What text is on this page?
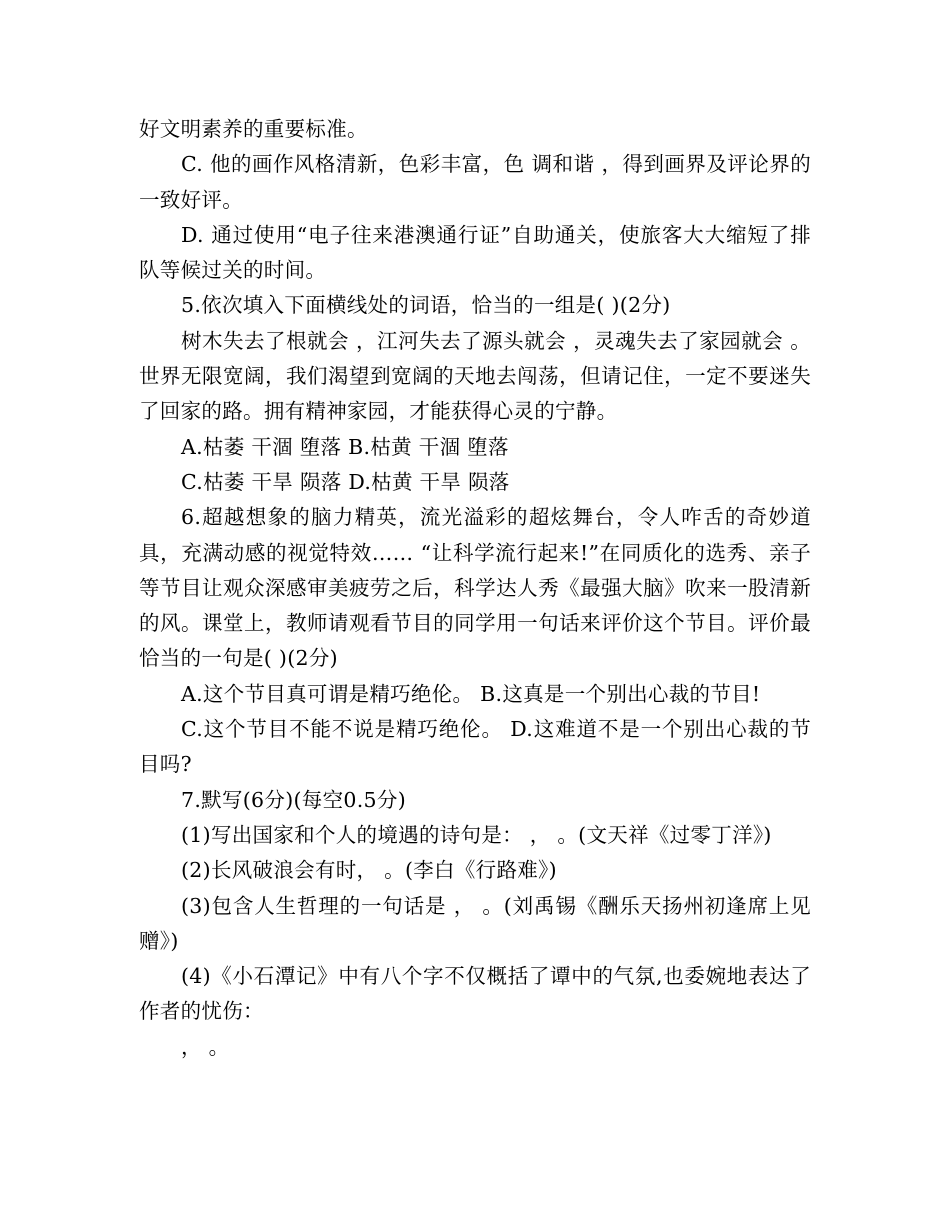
好文明素养的重要标准。

C. 他的画作风格清新，色彩丰富，色 调和谐 ，得到画界及评论界的一致好评。

D. 通过使用“电子往来港澳通行证”自助通关，使旅客大大缩短了排队等候过关的时间。

5.依次填入下面横线处的词语，恰当的一组是( )(2分)

树木失去了根就会 ，江河失去了源头就会 ，灵魂失去了家园就会 。世界无限宽阔，我们渴望到宽阔的天地去闯荡，但请记住，一定不要迷失了回家的路。拥有精神家园，才能获得心灵的宁静。

A.枯萎 干涸 堕落 B.枯黄 干涸 堕落

C.枯萎 干旱 陨落 D.枯黄 干旱 陨落

6.超越想象的脑力精英，流光溢彩的超炫舞台，令人咋舌的奇妙道具，充满动感的视觉特效…… “让科学流行起来!”在同质化的选秀、亲子等节目让观众深感审美疲劳之后，科学达人秀《最强大脑》吹来一股清新的风。课堂上，教师请观看节目的同学用一句话来评价这个节目。评价最恰当的一句是( )(2分)

A.这个节目真可谓是精巧绝伦。 B.这真是一个别出心裁的节目!

C.这个节目不能不说是精巧绝伦。 D.这难道不是一个别出心裁的节目吗?

7.默写(6分)(每空0.5分)

(1)写出国家和个人的境遇的诗句是： ， 。(文天祥《过零丁洋》)

(2)长风破浪会有时， 。(李白《行路难》)

(3)包含人生哲理的一句话是 ， 。(刘禹锡《酬乐天扬州初逢席上见赠》)

(4)《小石潭记》中有八个字不仅概括了谭中的气氛,也委婉地表达了作者的忧伤：

， 。
